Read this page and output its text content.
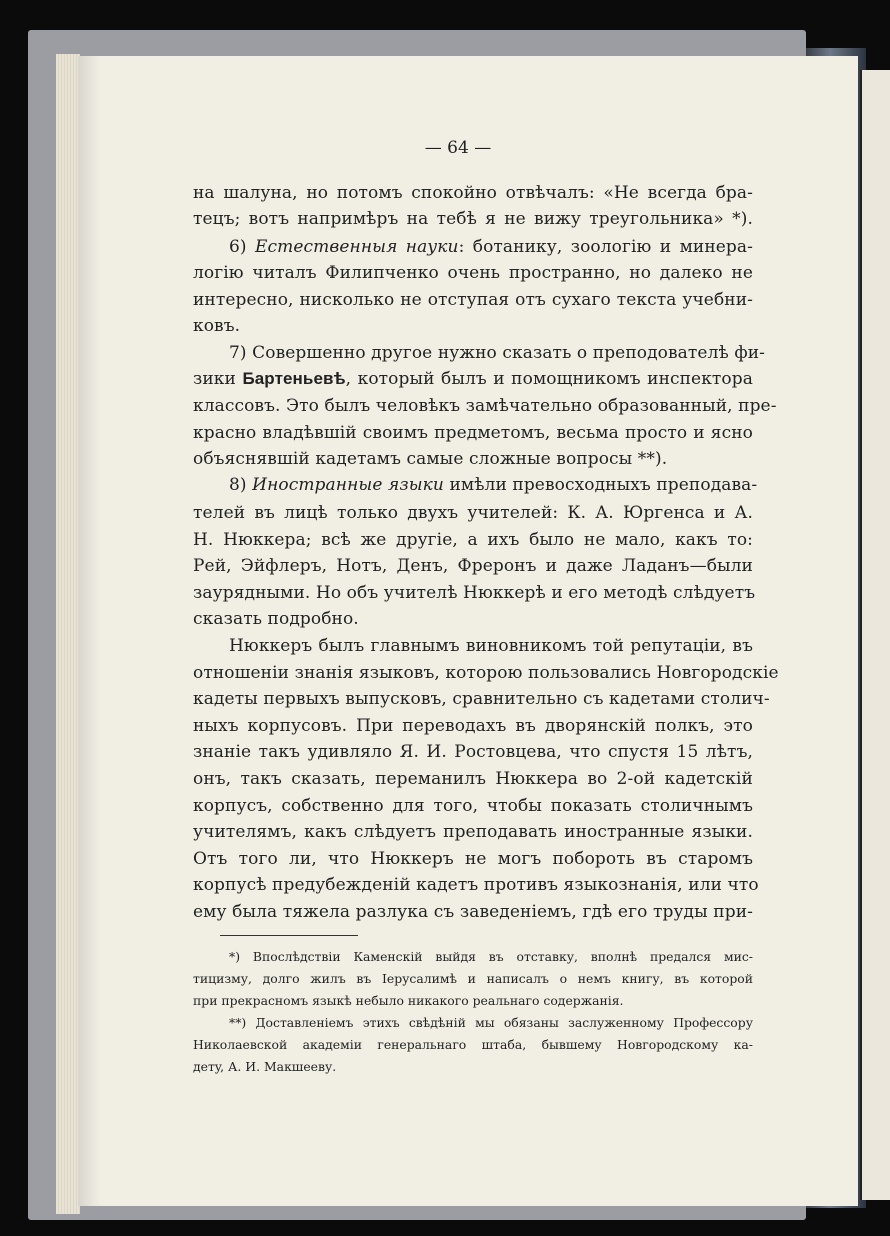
— 64 —
на шалуна, но потомъ спокойно отвѣчалъ: «Не всегда бра-
тецъ; вотъ напримѣръ на тебѣ я не вижу треугольника» *).
6) Естественныя науки: ботанику, зоологію и минера-
логію читалъ Филипченко очень пространно, но далеко не
интересно, нисколько не отступая отъ сухаго текста учебни-
ковъ.
7) Совершенно другое нужно сказать о преподователѣ фи-
зики Бартеньевѣ, который былъ и помощникомъ инспектора
классовъ. Это былъ человѣкъ замѣчательно образованный, пре-
красно владѣвшій своимъ предметомъ, весьма просто и ясно
объяснявшій кадетамъ самые сложные вопросы **).
8) Иностранные языки имѣли превосходныхъ преподава-
телей въ лицѣ только двухъ учителей: К. А. Юргенса и А.
Н. Нюккера; всѣ же другіе, а ихъ было не мало, какъ то:
Рей, Эйфлеръ, Нотъ, Денъ, Фреронъ и даже Ладанъ—были
заурядными. Но объ учителѣ Нюккерѣ и его методѣ слѣдуетъ
сказать подробно.
Нюккеръ былъ главнымъ виновникомъ той репутаціи, въ
отношеніи знанія языковъ, которою пользовались Новгородскіе
кадеты первыхъ выпусковъ, сравнительно съ кадетами столич-
ныхъ корпусовъ. При переводахъ въ дворянскій полкъ, это
знаніе такъ удивляло Я. И. Ростовцева, что спустя 15 лѣтъ,
онъ, такъ сказать, переманилъ Нюккера во 2-ой кадетскій
корпусъ, собственно для того, чтобы показать столичнымъ
учителямъ, какъ слѣдуетъ преподавать иностранные языки.
Отъ того ли, что Нюккеръ не могъ побороть въ старомъ
корпусѣ предубежденій кадетъ противъ языкознанія, или что
ему была тяжела разлука съ заведеніемъ, гдѣ его труды при-
*) Впослѣдствіи Каменскій выйдя въ отставку, вполнѣ предался мис-
тицизму, долго жилъ въ Іерусалимѣ и написалъ о немъ книгу, въ которой
при прекрасномъ языкѣ небыло никакого реальнаго содержанія.
**) Доставленіемъ этихъ свѣдѣній мы обязаны заслуженному Профессору
Николаевской академіи генеральнаго штаба, бывшему Новгородскому ка-
детy, А. И. Макшееву.
